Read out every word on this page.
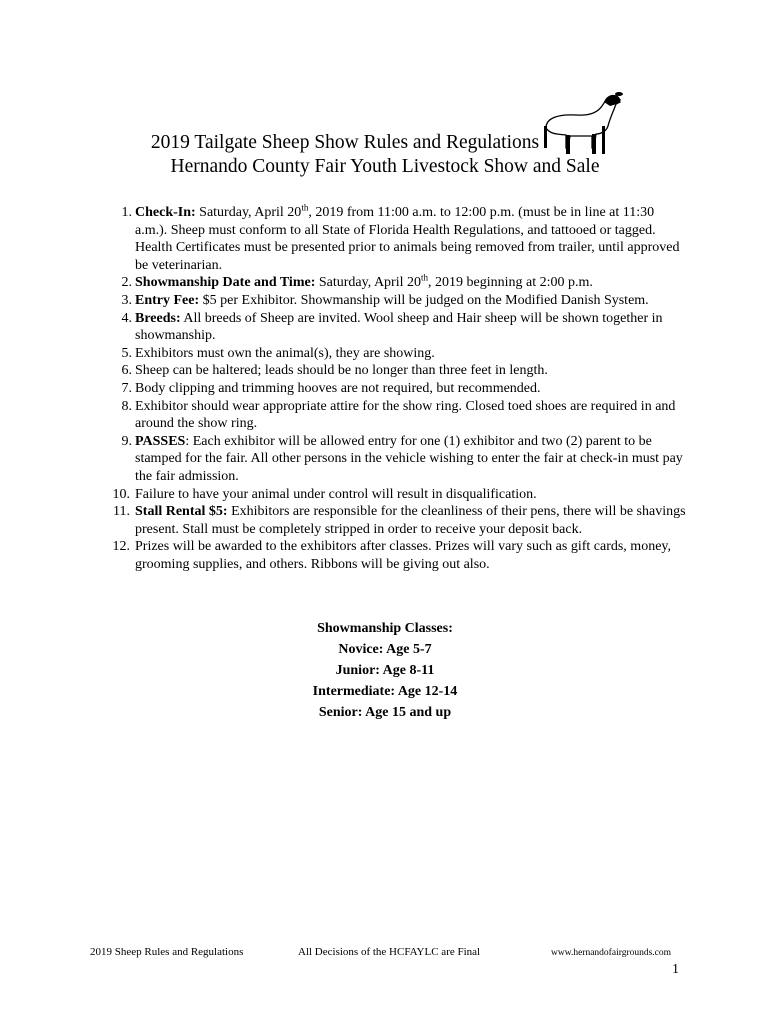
2019 Tailgate Sheep Show Rules and Regulations
Hernando County Fair Youth Livestock Show and Sale
1. Check-In: Saturday, April 20th, 2019 from 11:00 a.m. to 12:00 p.m. (must be in line at 11:30 a.m.). Sheep must conform to all State of Florida Health Regulations, and tattooed or tagged. Health Certificates must be presented prior to animals being removed from trailer, until approved be veterinarian.
2. Showmanship Date and Time: Saturday, April 20th, 2019 beginning at 2:00 p.m.
3. Entry Fee: $5 per Exhibitor. Showmanship will be judged on the Modified Danish System.
4. Breeds: All breeds of Sheep are invited. Wool sheep and Hair sheep will be shown together in showmanship.
5. Exhibitors must own the animal(s), they are showing.
6. Sheep can be haltered; leads should be no longer than three feet in length.
7. Body clipping and trimming hooves are not required, but recommended.
8. Exhibitor should wear appropriate attire for the show ring. Closed toed shoes are required in and around the show ring.
9. PASSES: Each exhibitor will be allowed entry for one (1) exhibitor and two (2) parent to be stamped for the fair. All other persons in the vehicle wishing to enter the fair at check-in must pay the fair admission.
10. Failure to have your animal under control will result in disqualification.
11. Stall Rental $5: Exhibitors are responsible for the cleanliness of their pens, there will be shavings present. Stall must be completely stripped in order to receive your deposit back.
12. Prizes will be awarded to the exhibitors after classes. Prizes will vary such as gift cards, money, grooming supplies, and others. Ribbons will be giving out also.
Showmanship Classes:
Novice: Age 5-7
Junior: Age 8-11
Intermediate: Age 12-14
Senior: Age 15 and up
2019 Sheep Rules and Regulations	All Decisions of the HCFAYLC are Final	www.hernandofairgrounds.com
1
